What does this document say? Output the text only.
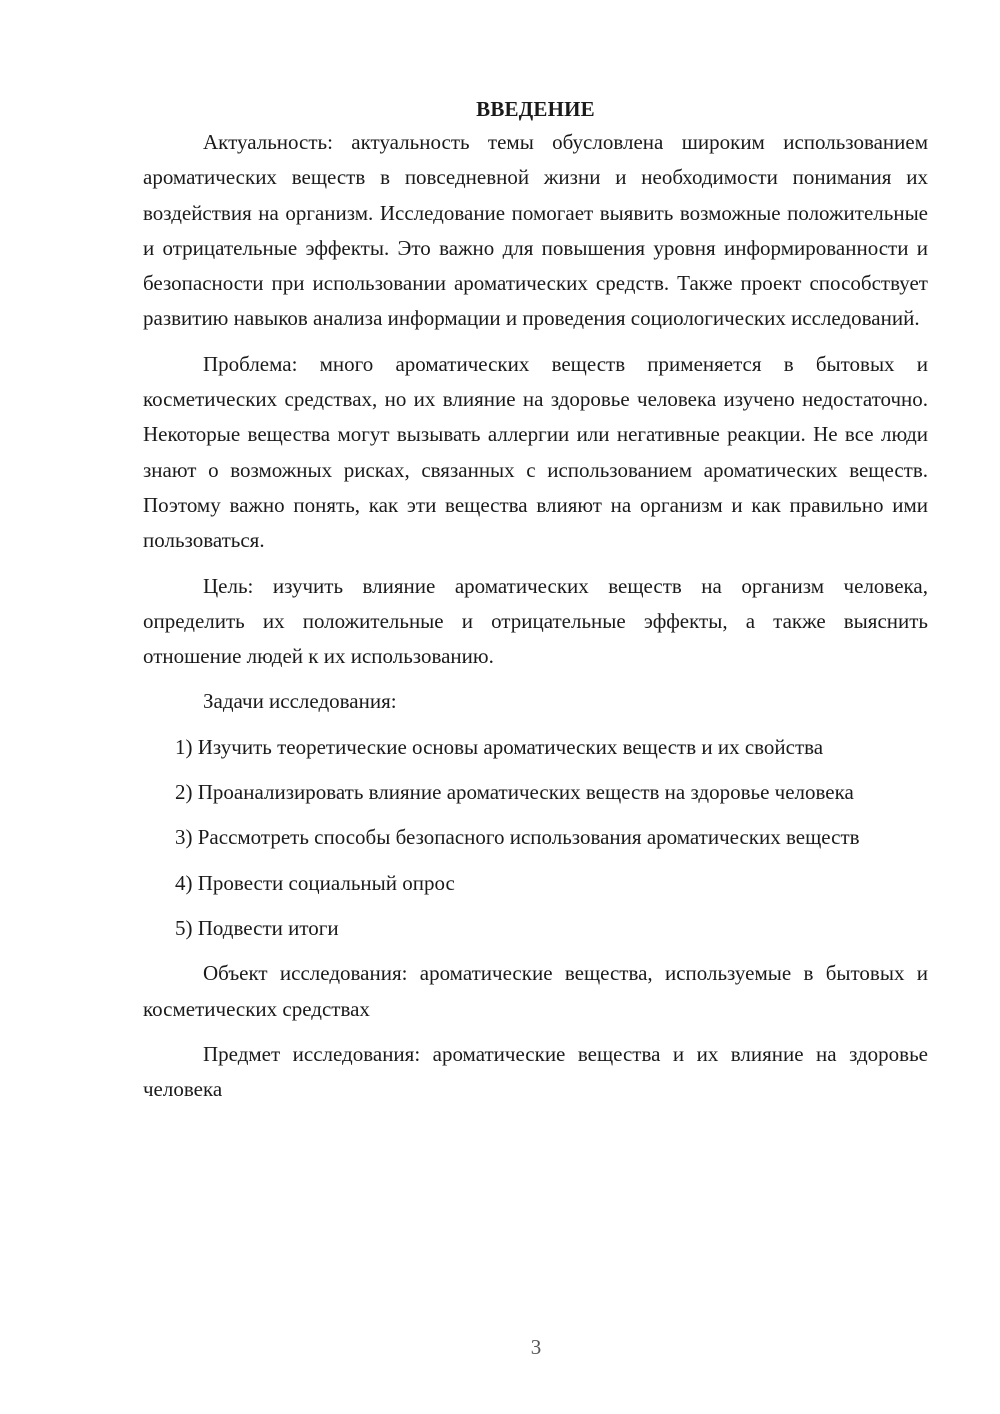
ВВЕДЕНИЕ

Актуальность: актуальность темы обусловлена широким использованием ароматических веществ в повседневной жизни и необходимости понимания их воздействия на организм. Исследование помогает выявить возможные положительные и отрицательные эффекты. Это важно для повышения уровня информированности и безопасности при использовании ароматических средств. Также проект способствует развитию навыков анализа информации и проведения социологических исследований.

Проблема: много ароматических веществ применяется в бытовых и косметических средствах, но их влияние на здоровье человека изучено недостаточно. Некоторые вещества могут вызывать аллергии или негативные реакции. Не все люди знают о возможных рисках, связанных с использованием ароматических веществ. Поэтому важно понять, как эти вещества влияют на организм и как правильно ими пользоваться.

Цель: изучить влияние ароматических веществ на организм человека, определить их положительные и отрицательные эффекты, а также выяснить отношение людей к их использованию.

Задачи исследования:

1) Изучить теоретические основы ароматических веществ и их свойства

2) Проанализировать влияние ароматических веществ на здоровье человека

3) Рассмотреть способы безопасного использования ароматических веществ

4) Провести социальный опрос

5) Подвести итоги

Объект исследования: ароматические вещества, используемые в бытовых и косметических средствах

Предмет исследования: ароматические вещества и их влияние на здоровье человека

3
